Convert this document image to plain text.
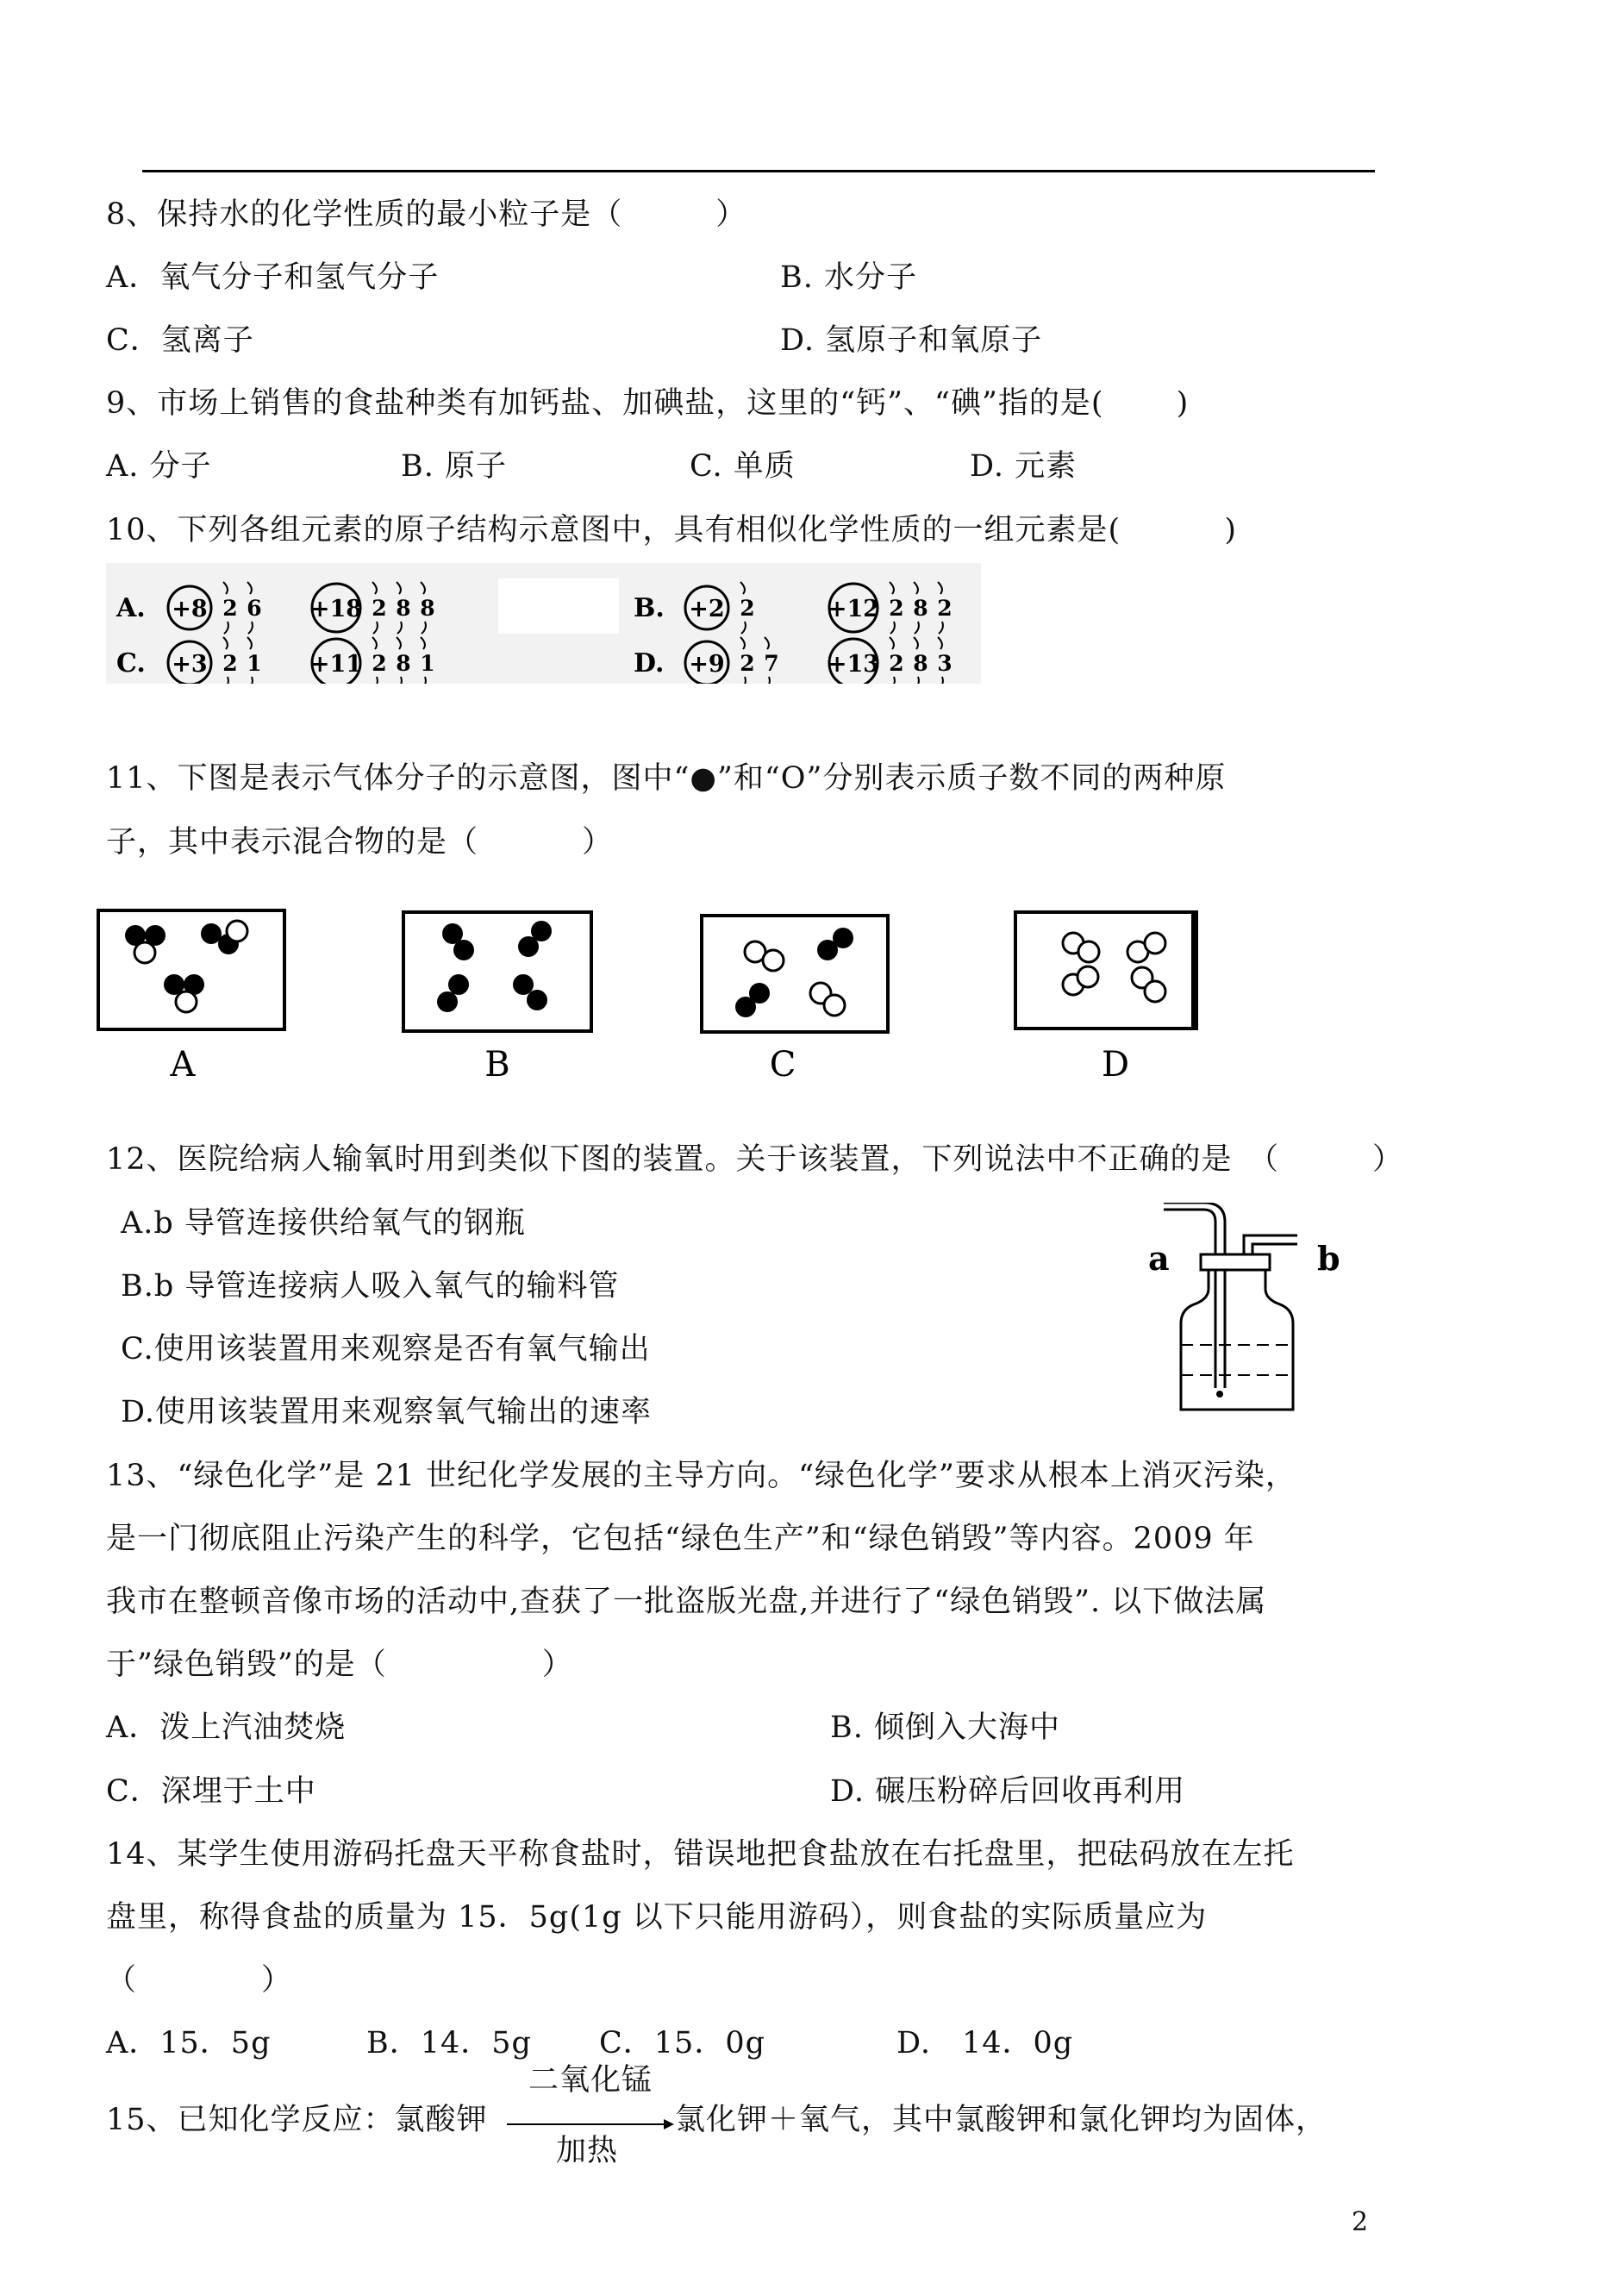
8、保持水的化学性质的最小粒子是（　　　）
A．氧气分子和氢气分子	B. 水分子
C．氢离子	D. 氢原子和氧原子
9、市场上销售的食盐种类有加钙盐、加碘盐，这里的“钙”、“碘”指的是(　　 )
A. 分子	B. 原子	C. 单质	D. 元素
10、下列各组元素的原子结构示意图中，具有相似化学性质的一组元素是(　　　 )
A. +8 2 6 +18 2 8 8	B. +2 2	+12 2 8 2
C. +3 2 1 +11 2 8 1	D. +9 2 7 +13 2 8 3
11、下图是表示气体分子的示意图，图中“●”和“O”分别表示质子数不同的两种原
子，其中表示混合物的是（　　　 ）
A	B	C	D
12、医院给病人输氧时用到类似下图的装置。关于该装置，下列说法中不正确的是　（　　　）
A.b 导管连接供给氧气的钢瓶
B.b 导管连接病人吸入氧气的输料管
C.使用该装置用来观察是否有氧气输出
D.使用该装置用来观察氧气输出的速率
a	b
13、“绿色化学”是 21 世纪化学发展的主导方向。“绿色化学”要求从根本上消灭污染，
是一门彻底阻止污染产生的科学，它包括“绿色生产”和“绿色销毁”等内容。2009 年
我市在整顿音像市场的活动中,查获了一批盗版光盘,并进行了“绿色销毁”. 以下做法属
于”绿色销毁”的是（　　　　　）
A．泼上汽油焚烧	B. 倾倒入大海中
C．深埋于土中	D. 碾压粉碎后回收再利用
14、某学生使用游码托盘天平称食盐时，错误地把食盐放在右托盘里，把砝码放在左托
盘里，称得食盐的质量为 15．5g(1g 以下只能用游码），则食盐的实际质量应为
（　　　　）
A．15．5g	B．14．5g C．15．0g	D.　14．0g
15、已知化学反应：氯酸钾
二氧化锰
加热
氯化钾＋氧气，其中氯酸钾和氯化钾均为固体，
2
